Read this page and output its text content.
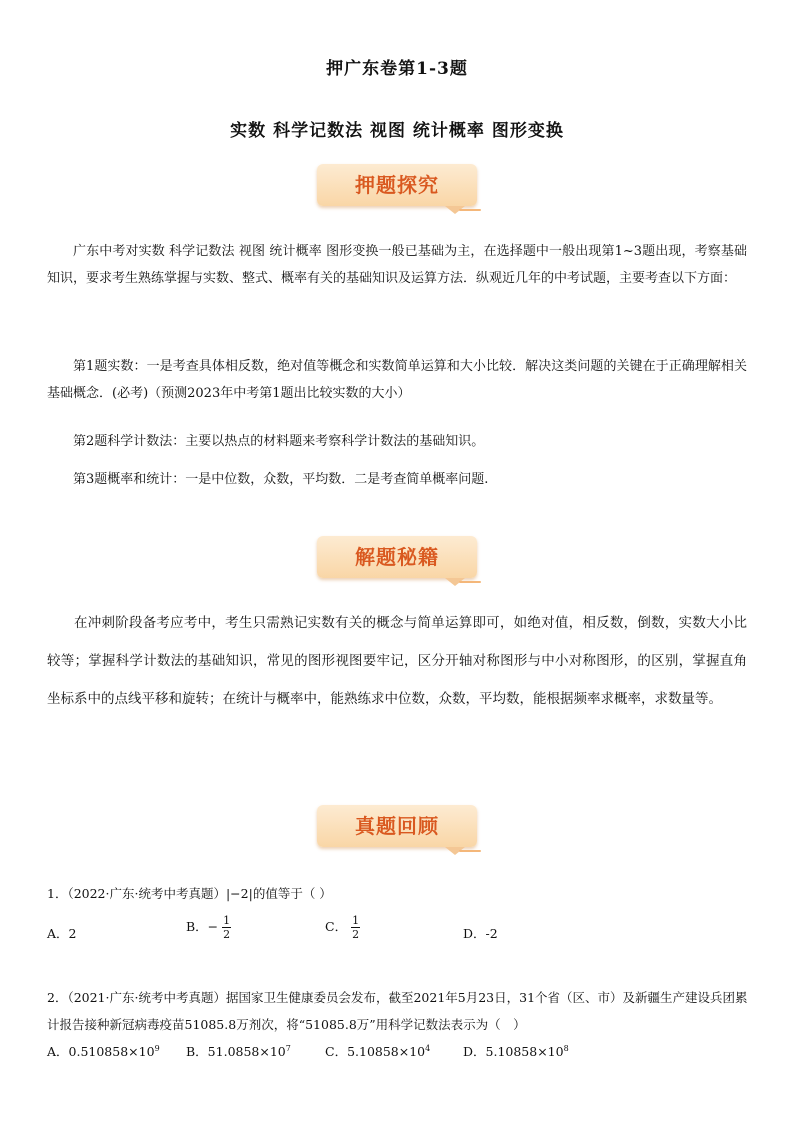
押广东卷第1-3题
实数 科学记数法 视图 统计概率 图形变换
押题探究
广东中考对实数 科学记数法 视图 统计概率 图形变换一般已基础为主，在选择题中一般出现第1~3题出现，考察基础知识，要求考生熟练掌握与实数、整式、概率有关的基础知识及运算方法．纵观近几年的中考试题，主要考查以下方面：
第1题实数：一是考查具体相反数，绝对值等概念和实数简单运算和大小比较．解决这类问题的关键在于正确理解相关基础概念．(必考)（预测2023年中考第1题出比较实数的大小）
第2题科学计数法：主要以热点的材料题来考察科学计数法的基础知识。
第3题概率和统计：一是中位数，众数，平均数．二是考查简单概率问题.
解题秘籍
在冲刺阶段备考应考中，考生只需熟记实数有关的概念与简单运算即可，如绝对值，相反数，倒数，实数大小比较等；掌握科学计数法的基础知识，常见的图形视图要牢记，区分开轴对称图形与中小对称图形，的区别，掌握直角坐标系中的点线平移和旋转；在统计与概率中，能熟练求中位数，众数，平均数，能根据频率求概率，求数量等。
真题回顾
1．（2022·广东·统考中考真题）|−2|的值等于（ ）
A．2	B．− $\frac{1}{2}$	C． $\frac{1}{2}$	D．-2
2．（2021·广东·统考中考真题）据国家卫生健康委员会发布，截至2021年5月23日，31个省（区、市）及新疆生产建设兵团累计报告接种新冠病毒疫苗51085.8万剂次，将“51085.8万”用科学记数法表示为（　）
A．$0.510858\times 10^9$ B．$51.0858\times 10^7$	C．$5.10858\times 10^4$	D．$5.10858\times 10^8$
